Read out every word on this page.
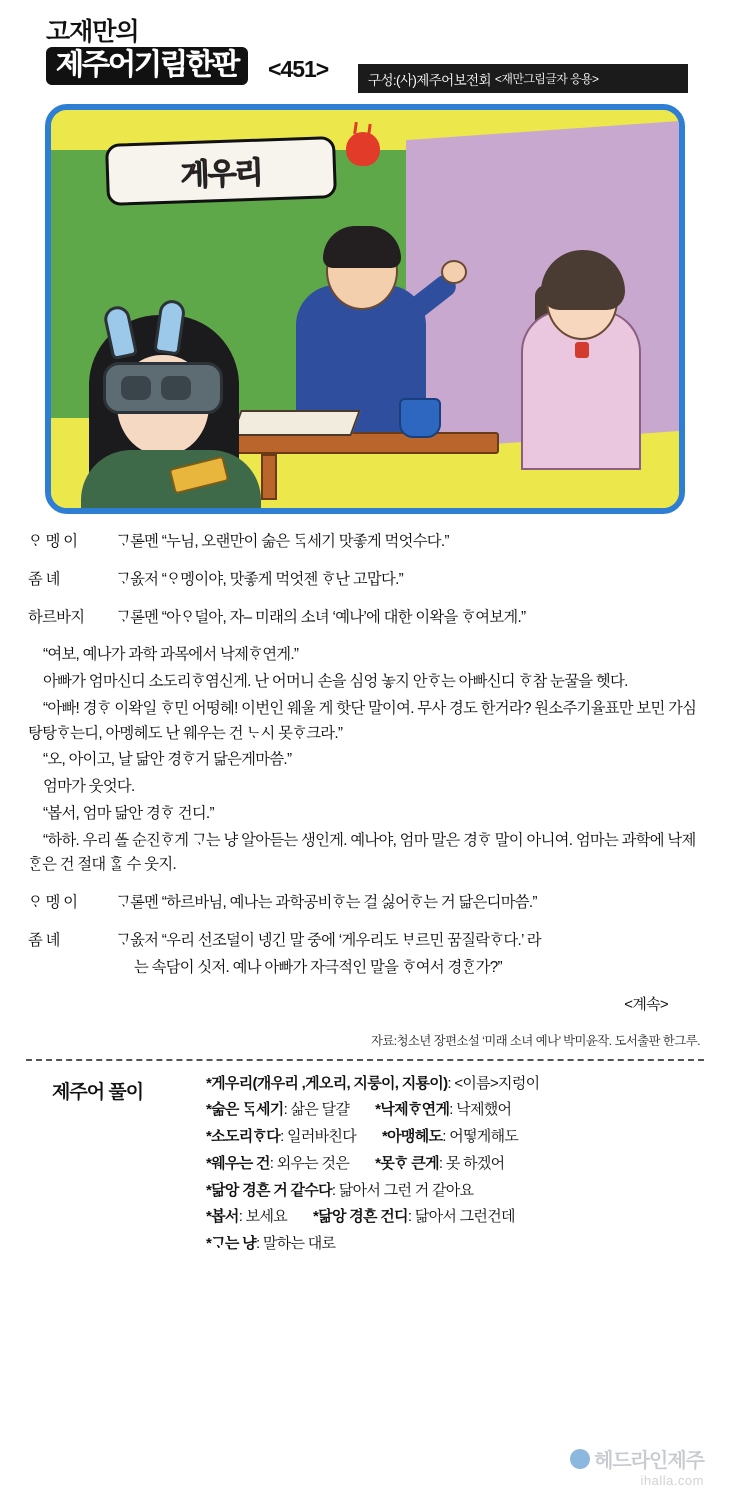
고재만의
제주어기림한판	<451>	구성:(사)제주어보전회 <재만그림글자 응용>
게우리

ᄋᆞ 멩 이	ᄀᆞ롣멘 “누님, 오랜만이 숢은 ᄃᆞᆨ세기 맛좋게 먹엇수다.”

좀 녜	ᄀᆞ옰저 “ᄋᆞ멩이야, 맛좋게 먹엇젠 ᄒᆞ난 고맙다.”

하르바지 ᄀᆞ롣멘 “아ᄋᆞ덜아, 자– 미래의 소녀 ‘예나’에 대한 이왁을 ᄒᆞ여보게.”

“여보, 예나가 과학 과목에서 낙제ᄒᆞ연게.”

아빠가 엄마신디 소도리ᄒᆞ염신게. 난 어머니 손을 심엉 놓지 안ᄒᆞ는 아빠신디 ᄒᆞ참 눈꿀을 헷다.

“아빠! 경ᄒᆞ 이왁일 ᄒᆞ민 어떵헤! 이번인 웨울 게 핫단 말이여. 무사 경도 한거라? 원소주기율표만 보민 가심탕탕ᄒᆞ는디, 아멩헤도 난 웨우는 건 ᄂᆞ시 못ᄒᆞ크라.”

“오, 아이고, 날 닮안 경ᄒᆞ거 닮은게마씀.”

엄마가 웃엇다.

“봅서, 엄마 닮안 경ᄒᆞ 건디.”

“하하. 우리 ᄯᅩᆯ 순진ᄒᆞ게 ᄀᆞ는 냥 알아듣는 생인게. 예나야, 엄마 말은 경ᄒᆞ 말이 아니여. 엄마는 과학에 낙제 ᄒᆞᆫ은 건 절대 ᄒᆞᆯ 수 웃지.

ᄋᆞ 멩 이	ᄀᆞ롣멘 “하르바님, 예나는 과학공비ᄒᆞ는 걸 싫어ᄒᆞ는 거 닮은디마씀.”

좀 녜	ᄀᆞ옰저 “우리 선조덜이 넹긴 말 중에 ‘게우리도 ᄇᆞ르민 꿈질락ᄒᆞ다.’ 라

는 속담이 싯저. 예나 아빠가 자극적인 말을 ᄒᆞ여서 경ᄒᆞᆫ가?”

<계속>

자료:청소년 장편소설 ‘미래 소녀 예나’ 박미윤작. 도서출판 한그루.
제주어 풀이	*게우리(개우리 ,게오리, 지룽이, 지룡이): <이름>지렁이
*숢은 ᄃᆞᆨ세기: 삶은 달걀 *낙제ᄒᆞ연게: 낙제했어
*소도리ᄒᆞ다: 일러바친다 *아맹헤도: 어떻게해도
*웨우는 건: 외우는 것은 *못ᄒᆞ 큰게: 못 하겠어
*닮앙 경흔 거 같수다: 닮아서 그런 거 같아요
*봅서: 보세요 *닮앙 경흔 건디: 닮아서 그런건데
*ᄀᆞ는 냥: 말하는 대로
헤드라인제주
ihalla.com
